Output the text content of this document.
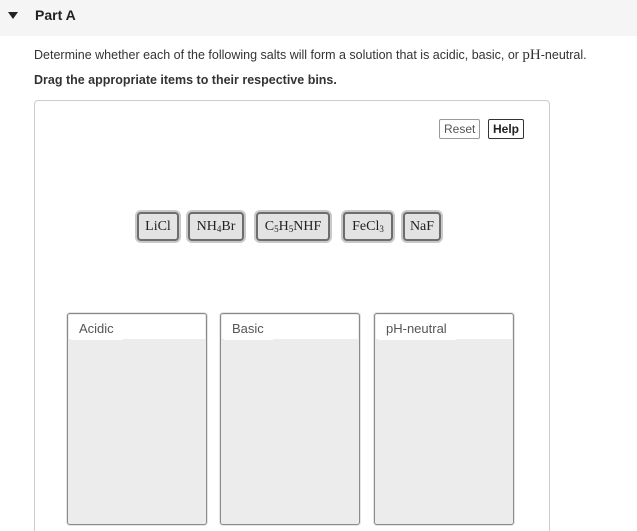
Part A
Determine whether each of the following salts will form a solution that is acidic, basic, or pH-neutral.
Drag the appropriate items to their respective bins.
Reset	Help
LiCl	$NH_4Br$	$C_5H_5NHF$	FeCl$_3$	NaF
Acidic	Basic	pH-neutral
